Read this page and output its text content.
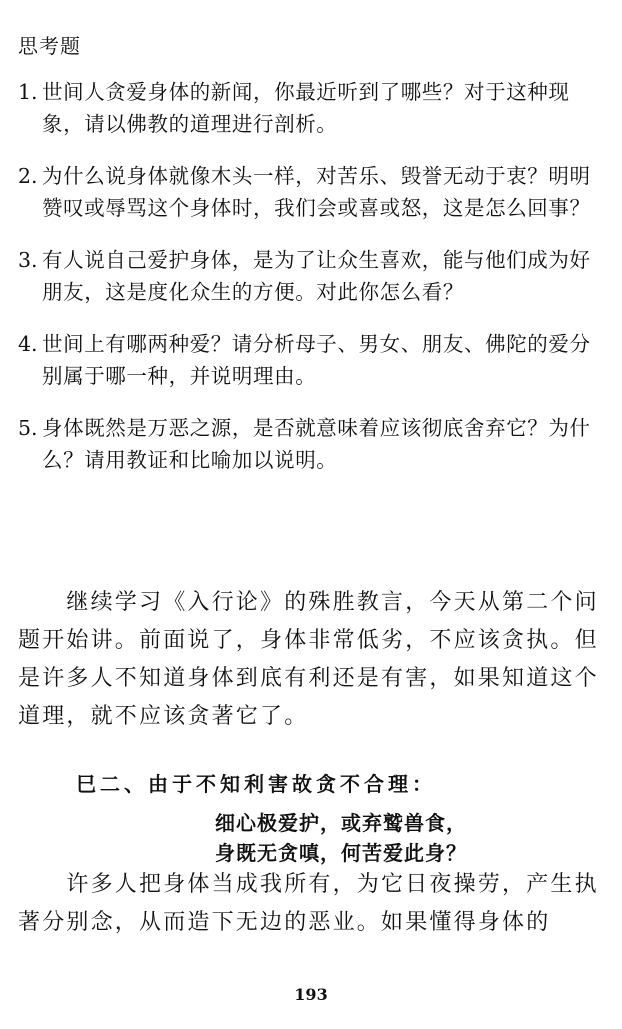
思考题
1. 世间人贪爱身体的新闻，你最近听到了哪些？对于这种现象，请以佛教的道理进行剖析。
2. 为什么说身体就像木头一样，对苦乐、毁誉无动于衷？明明赞叹或辱骂这个身体时，我们会或喜或怒，这是怎么回事？
3. 有人说自己爱护身体，是为了让众生喜欢，能与他们成为好朋友，这是度化众生的方便。对此你怎么看？
4. 世间上有哪两种爱？请分析母子、男女、朋友、佛陀的爱分别属于哪一种，并说明理由。
5. 身体既然是万恶之源，是否就意味着应该彻底舍弃它？为什么？请用教证和比喻加以说明。
继续学习《入行论》的殊胜教言，今天从第二个问题开始讲。前面说了，身体非常低劣，不应该贪执。但是许多人不知道身体到底有利还是有害，如果知道这个道理，就不应该贪著它了。
巳二、由于不知利害故贪不合理：
细心极爱护，或弃鹫兽食，
身既无贪嗔，何苦爱此身？
许多人把身体当成我所有，为它日夜操劳，产生执著分别念，从而造下无边的恶业。如果懂得身体的
193
